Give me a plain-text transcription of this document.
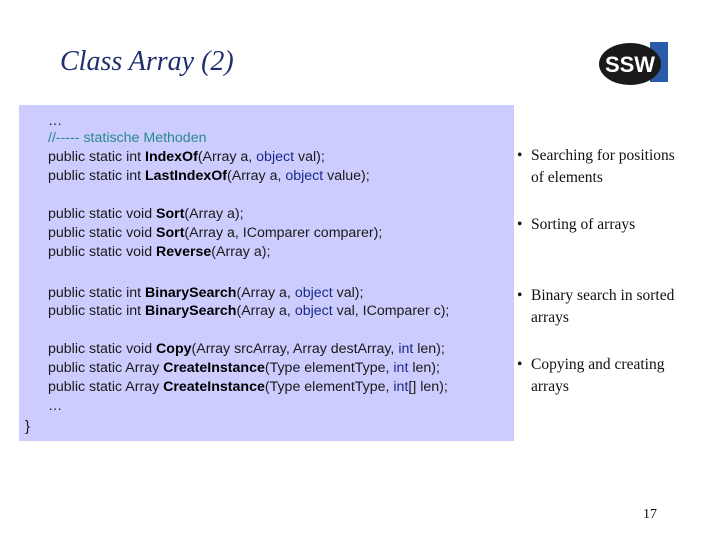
Class Array (2)	SSW
…
//----- statische Methoden
public static int IndexOf(Array a, object val);
public static int LastIndexOf(Array a, object value);
public static void Sort(Array a);
public static void Sort(Array a, IComparer comparer);
public static void Reverse(Array a);
public static int BinarySearch(Array a, object val);
public static int BinarySearch(Array a, object val, IComparer c);
public static void Copy(Array srcArray, Array destArray, int len);
public static Array CreateInstance(Type elementType, int len);
public static Array CreateInstance(Type elementType, int[] len);
…
}
• Searching for positions
of elements
• Sorting of arrays
• Binary search in sorted
arrays
• Copying and creating
arrays
17
